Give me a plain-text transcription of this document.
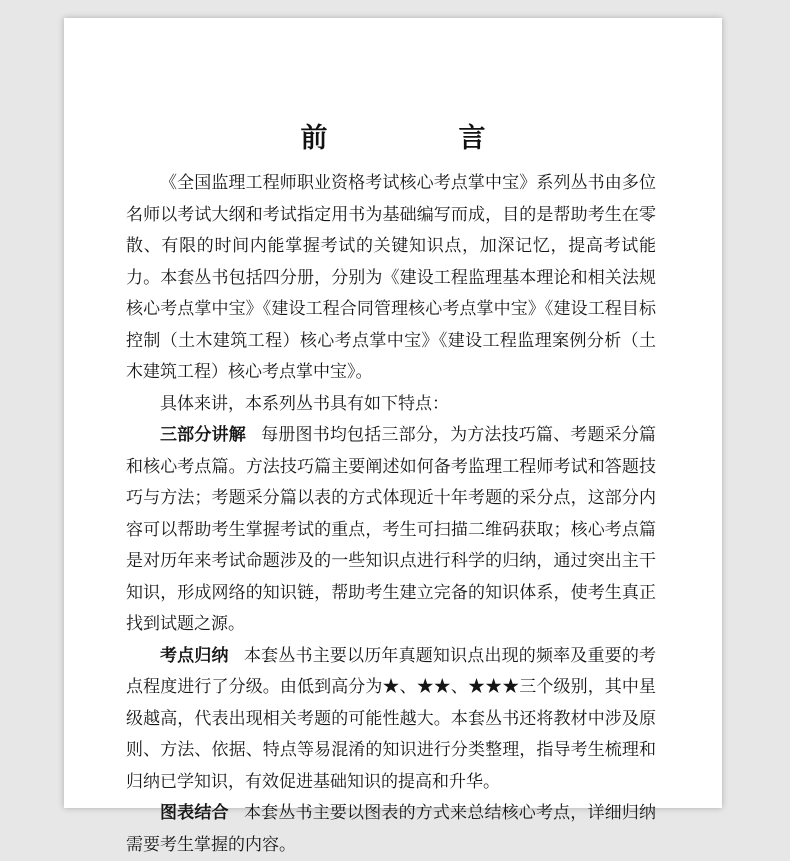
前　言

《全国监理工程师职业资格考试核心考点掌中宝》系列丛书由多位名师以考试大纲和考试指定用书为基础编写而成，目的是帮助考生在零散、有限的时间内能掌握考试的关键知识点，加深记忆，提高考试能力。本套丛书包括四分册，分别为《建设工程监理基本理论和相关法规核心考点掌中宝》《建设工程合同管理核心考点掌中宝》《建设工程目标控制（土木建筑工程）核心考点掌中宝》《建设工程监理案例分析（土木建筑工程）核心考点掌中宝》。

具体来讲，本系列丛书具有如下特点：

三部分讲解 每册图书均包括三部分，为方法技巧篇、考题采分篇和核心考点篇。方法技巧篇主要阐述如何备考监理工程师考试和答题技巧与方法；考题采分篇以表的方式体现近十年考题的采分点，这部分内容可以帮助考生掌握考试的重点，考生可扫描二维码获取；核心考点篇是对历年来考试命题涉及的一些知识点进行科学的归纳，通过突出主干知识，形成网络的知识链，帮助考生建立完备的知识体系，使考生真正找到试题之源。

考点归纳 本套丛书主要以历年真题知识点出现的频率及重要的考点程度进行了分级。由低到高分为★、★★、★★★三个级别，其中星级越高，代表出现相关考题的可能性越大。本套丛书还将教材中涉及原则、方法、依据、特点等易混淆的知识进行分类整理，指导考生梳理和归纳已学知识，有效促进基础知识的提高和升华。

图表结合 本套丛书主要以图表的方式来总结核心考点，详细归纳需要考生掌握的内容。
